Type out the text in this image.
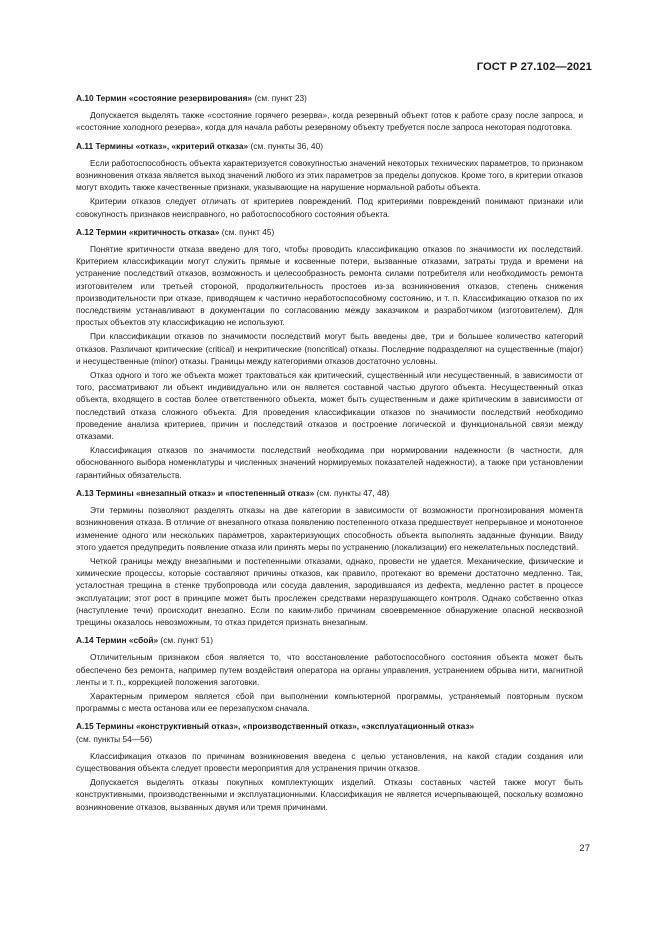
ГОСТ Р 27.102—2021
А.10 Термин «состояние резервирования» (см. пункт 23)

Допускается выделять также «состояние горячего резерва», когда резервный объект готов к работе сразу после запроса, и «состояние холодного резерва», когда для начала работы резервному объекту требуется после запроса некоторая подготовка.

А.11 Термины «отказ», «критерий отказа» (см. пункты 36, 40)

Если работоспособность объекта характеризуется совокупностью значений некоторых технических параметров, то признаком возникновения отказа является выход значений любого из этих параметров за пределы допусков. Кроме того, в критерии отказов могут входить также качественные признаки, указывающие на нарушение нормальной работы объекта.

Критерии отказов следует отличать от критериев повреждений. Под критериями повреждений понимают признаки или совокупность признаков неисправного, но работоспособного состояния объекта.

А.12 Термин «критичность отказа» (см. пункт 45)

Понятие критичности отказа введено для того, чтобы проводить классификацию отказов по значимости их последствий. Критерием классификации могут служить прямые и косвенные потери, вызванные отказами, затраты труда и времени на устранение последствий отказов, возможность и целесообразность ремонта силами потребителя или необходимость ремонта изготовителем или третьей стороной, продолжительность простоев из-за возникновения отказов, степень снижения производительности при отказе, приводящем к частично неработоспособному состоянию, и т. п. Классификацию отказов по их последствиям устанавливают в документации по согласованию между заказчиком и разработчиком (изготовителем). Для простых объектов эту классификацию не используют.

При классификации отказов по значимости последствий могут быть введены две, три и большее количество категорий отказов. Различают критические (critical) и некритические (noncritical) отказы. Последние подразделяют на существенные (major) и несущественные (minor) отказы. Границы между категориями отказов достаточно условны.

Отказ одного и того же объекта может трактоваться как критический, существенный или несущественный, в зависимости от того, рассматривают ли объект индивидуально или он является составной частью другого объекта. Несущественный отказ объекта, входящего в состав более ответственного объекта, может быть существенным и даже критическим в зависимости от последствий отказа сложного объекта. Для проведения классификации отказов по значимости последствий необходимо проведение анализа критериев, причин и последствий отказов и построение логической и функциональной связи между отказами.

Классификация отказов по значимости последствий необходима при нормировании надежности (в частности, для обоснованного выбора номенклатуры и численных значений нормируемых показателей надежности), а также при установлении гарантийных обязательств.

А.13 Термины «внезапный отказ» и «постепенный отказ» (см. пункты 47, 48)

Эти термины позволяют разделять отказы на две категории в зависимости от возможности прогнозирования момента возникновения отказа. В отличие от внезапного отказа появлению постепенного отказа предшествует непрерывное и монотонное изменение одного или нескольких параметров, характеризующих способность объекта выполнять заданные функции. Ввиду этого удается предупредить появление отказа или принять меры по устранению (локализации) его нежелательных последствий.

Четкой границы между внезапными и постепенными отказами, однако, провести не удается. Механические, физические и химические процессы, которые составляют причины отказов, как правило, протекают во времени достаточно медленно. Так, усталостная трещина в стенке трубопровода или сосуда давления, зародившаяся из дефекта, медленно растет в процессе эксплуатации; этот рост в принципе может быть прослежен средствами неразрушающего контроля. Однако собственно отказ (наступление течи) происходит внезапно. Если по каким-либо причинам своевременное обнаружение опасной несквозной трещины оказалось невозможным, то отказ придется признать внезапным.

А.14 Термин «сбой» (см. пункт 51)

Отличительным признаком сбоя является то, что восстановление работоспособного состояния объекта может быть обеспечено без ремонта, например путем воздействия оператора на органы управления, устранением обрыва нити, магнитной ленты и т. п., коррекцией положения заготовки.

Характерным примером является сбой при выполнении компьютерной программы, устраняемый повторным пуском программы с места останова или ее перезапуском сначала.

А.15 Термины «конструктивный отказ», «производственный отказ», «эксплуатационный отказ»
(см. пункты 54—56)

Классификация отказов по причинам возникновения введена с целью установления, на какой стадии создания или существования объекта следует провести мероприятия для устранения причин отказов.

Допускается выделять отказы покупных комплектующих изделий. Отказы составных частей также могут быть конструктивными, производственными и эксплуатационными. Классификация не является исчерпывающей, поскольку возможно возникновение отказов, вызванных двумя или тремя причинами.

27
